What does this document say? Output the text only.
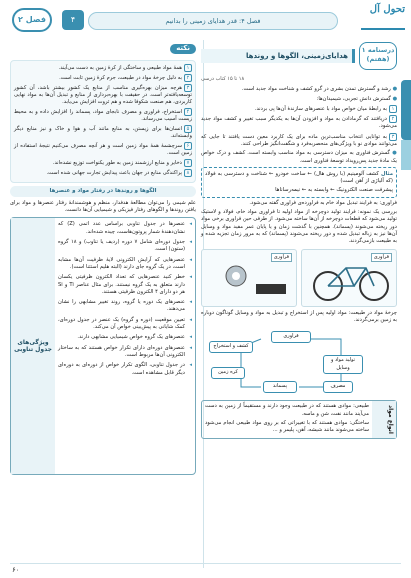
فصل ۲	۴	فصل ۴: قدر هدایای زمینی را بدانیم
تحول آل
درسنامه ۱
(هفتم)
هدایای‌زمینی، الگوها و روندها
۱۸ تا ۱۵ کتاب درسی

● رشد و گسترش تمدن بشری در گرو کشف و شناخت مواد جدید است.

● گسترش دانش تجربی، شیمیدان‌ها:

۱به رابطهٔ میان خواص مواد با عنصرهای سازندهٔ آن‌ها پی بردند.

۲دریافتند که گرمادادن به مواد و افزودن آن‌ها به یکدیگر سبب تغییر و کشف مواد جدید می‌شود.

۳به توانایی انتخاب مناسب‌ترین ماده برای یک کاربرد معین دست یافتند تا جایی که می‌توانند موادی نو با ویژگی‌های منحصربه‌فرد و شگفت‌انگیز طراحی کنند.

● گسترش فناوری به میزان دسترسی به مواد مناسب وابسته است. کشف و درک خواص یک مادهٔ جدید پس‌رویداد توسعهٔ فناوری است.

مثال کشف آلومینیم (با روش هال) ← ساخت خودرو ← شناخت و دسترسی به فولاد (که آلیاژی از آهن است)
پیشرفت صنعت الکترونیک ← وابسته به ← نیمه‌رساناها

فراوری: به فرایند تبدیل مواد خام به فراورده‌ی فراوری گفته می‌شود.

بررسی یک نمونه: فرایند تولید دوچرخه از مواد اولیه تا فراوری مواد خام، فولاد و لاستیک تولید می‌شود که قطعات دوچرخه از آن‌ها ساخته می‌شود. از طرفی حین فراوری برخی مواد دور ریخته می‌شوند (پسماند). همچنین با گذشت زمان و یا پایان عمر مفید مواد و وسایل آن‌ها نیز به زباله تبدیل شده و دور ریخته می‌شوند (پسماند) که به مرور زمان تجزیه شده و به طبیعت بازمی‌گردند.

فراوری
فراوری

چرخهٔ مواد در طبیعت: مواد اولیه پس از استخراج و تبدیل به مواد و وسایل گوناگون دوباره به زمین برمی‌گردند.

فراوری
کشف و استخراج
تولید مواد و وسایل
مصرف
پسماند
کره زمین
انواع مواد

طبیعی: موادی هستند که در طبیعت وجود دارند و مستقیماً از زمین به دست می‌آیند مانند نفت، شن و ماسه.

ساختگی: موادی هستند که با تغییراتی که بر روی مواد طبیعی انجام می‌شود ساخته می‌شوند مانند شیشه، آهن، پلیمر و ...

نکته
۱همهٔ مواد طبیعی و ساختگی از کرهٔ زمین به دست می‌آیند.
۲به دلیل چرخهٔ مواد در طبیعت، جرم کرهٔ زمین ثابت است.
۳هرچه میزان بهره‌گیری مناسب از منابع یک کشور بیشتر باشد، آن کشور توسعه‌یافته‌تر است. در حقیقت با بهره‌برداری از منابع و تبدیل آن‌ها به مواد نهایی کاربردی، هم صنعت شکوفا شده و هم ثروت افزایش می‌یابد.
۴استخراج، فراوری و مصرف نابجای مواد، پسماند را افزایش داده و به محیط زیست آسیب می‌رساند.
۵انسان‌ها برای زیستن، به منابع مانند آب و هوا و خاک و نیز منابع دیگر وابسته‌اند.
۶سرچشمهٔ همهٔ مواد زمین است و هر آنچه مصرف می‌کنیم نتیجهٔ استفاده از زمین است.
۷ذخایر و منابع ارزشمند زمین به طور یکنواخت توزیع نشده‌اند.
۸پراکندگی منابع در جهان باعث پیدایش تجارت جهانی شده است.
الگوها و روندها در رفتار مواد و عنصرها

علم شیمی را می‌توان مطالعهٔ هدفدار، منظم و هوشمندانهٔ رفتار عنصرها و مواد برای یافتن روندها و الگوهای رفتار فیزیکی و شیمیایی آن‌ها دانست.

◂ عنصرها در جدول تناوبی براساس عدد اتمی (Z) که نشان‌دهندهٔ شمار پروتون‌هاست، چیده شده‌اند.
◂ جدول دوره‌ای شامل ۷ دوره (ردیف یا تناوب) و ۱۸ گروه (ستون) است.
◂ عنصرهایی که آرایش الکترونی لایهٔ ظرفیت آن‌ها مشابه است، در یک گروه جای دارند (البته هلیم استثنا است).
◂ خطر کنید عنصرهایی که تعداد الکترون ظرفیتی یکسان دارند متعلق به یک گروه نیستند. برای مثال عناصر Ti و Si هر دو دارای ۴ الکترون ظرفیتی هستند.
◂ عنصرهای یک دوره یا گروه، روند تغییر مشابهی را نشان می‌دهند.
◂ تعیین موقعیت (دوره و گروه) یک عنصر در جدول دوره‌ای، کمک شایانی به پیش‌بینی خواص آن می‌کند.
◂ عنصرهای یک گروه خواص شیمیایی مشابهی دارند.
◂ عنصرهای دوره‌ای دارای تکرار خواص هستند که به ساختار الکترونی آن‌ها مربوط است.
◂ در جدول تناوبی، الگوی تکرار خواص از دوره‌ای به دوره‌ای دیگر قابل مشاهده است.
ویژگی‌های جدول تناوبی
۶۰
